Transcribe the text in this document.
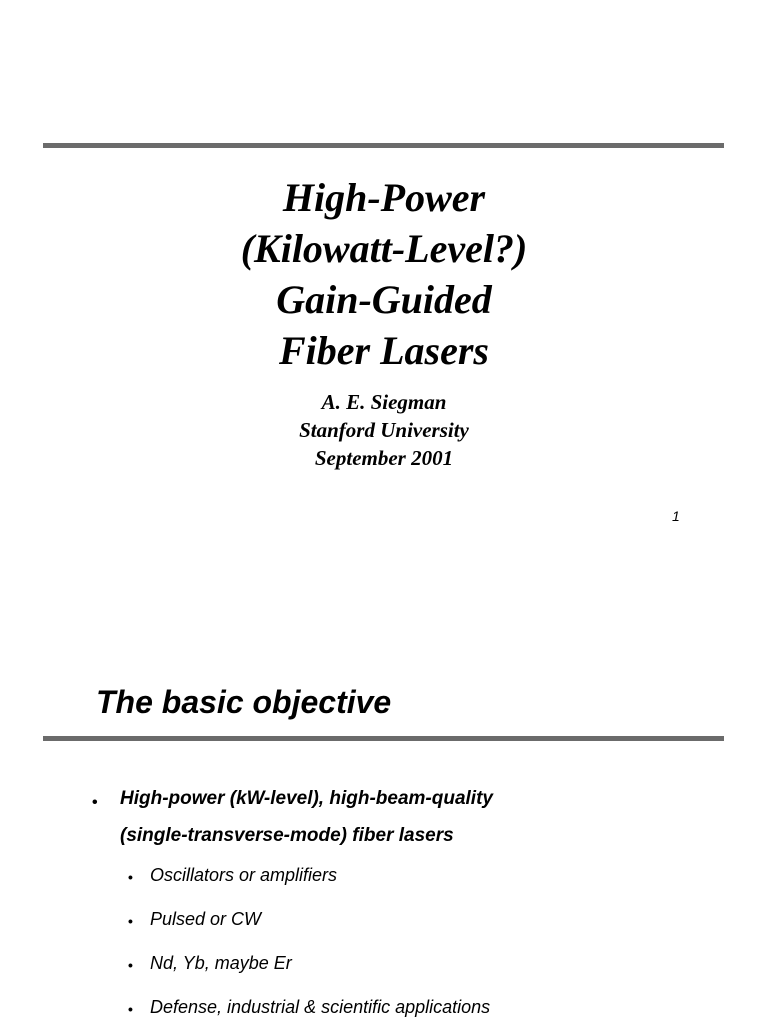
High-Power
(Kilowatt-Level?)
Gain-Guided
Fiber Lasers
A. E. Siegman
Stanford University
September 2001
1
The basic objective
• High-power (kW-level), high-beam-quality
(single-transverse-mode) fiber lasers
• Oscillators or amplifiers
• Pulsed or CW
• Nd, Yb, maybe Er
• Defense, industrial & scientific applications
